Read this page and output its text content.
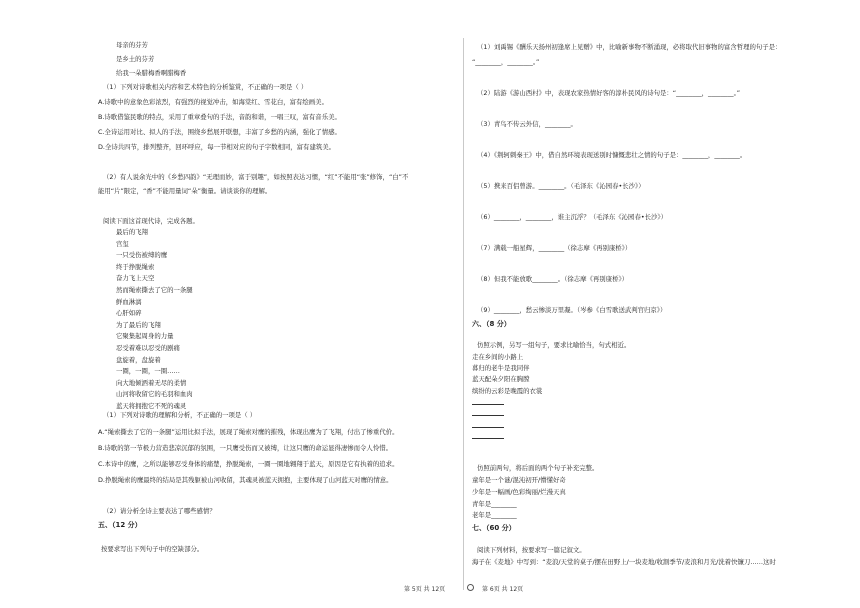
母亲的芬芳
是乡土的芬芳
给我一朵腊梅香啊腊梅香
（1）下列对诗歌相关内容和艺术特色的分析鉴赏，不正确的一项是（ ）
A.诗歌中的意象色彩浓烈，有强烈的视觉冲击，如海棠红、雪花白，富有绘画美。
B.诗歌借鉴民歌的特点，采用了重章叠句的手法，音韵和谐，一唱三叹，富有音乐美。
C.全诗运用对比、拟人的手法，围绕乡愁展开联想，丰富了乡愁的内涵，强化了情感。
D.全诗共四节，排列整齐，回环呼应，每一节相对应的句子字数相同，富有建筑美。
（2）有人说余光中的《乡愁四韵》“无理而妙，富于别趣”，如按照表达习惯，“红”不能用“张”修饰，“白”不
能用“片”限定，“香”不能用量词“朵”衡量。请谈谈你的理解。
阅读下面这首现代诗，完成各题。
最后的飞翔
宫玺
一只受伤被缚的鹰
终于挣脱绳索
奋力飞上天空
然而绳索撕去了它的一条腿
鲜血淋漓
心肝如碎
为了最后的飞翔
它聚集起周身的力量
忍受着难以忍受的剧痛
盘旋着，盘旋着
一圈，一圈，一圈……
向大地倾洒着无尽的柔情
山河将收留它的毛羽和血肉
蓝天将拥抱它不死的魂灵
（1）下列对诗歌的理解和分析，不正确的一项是（ ）
A.“绳索撕去了它的一条腿”运用比拟手法，展现了绳索对鹰的摧残，体现出鹰为了飞翔，付出了惨重代价。
B.诗歌的第一节极力营造悲凉沉郁的氛围，一只鹰受伤而又被缚，让这只鹰的命运显得凄惨而令人怜惜。
C.本诗中的鹰，之所以能够忍受身体的痛楚，挣脱绳索，一圈一圈地翱翔于蓝天，原因是它有执着的追求。
D.挣脱绳索的鹰最终的结局是其残躯被山河收留，其魂灵被蓝天拥抱，主要体现了山河蓝天对鹰的情意。
（2）请分析全诗主要表达了哪些感情？
五、（12 分）
按要求写出下列句子中的空缺部分。
（1）刘禹锡《酬乐天扬州初逢席上见赠》中，比喻新事物不断涌现，必将取代旧事物的富含哲理的句子是：
“________，________。”
（2）陆游《游山西村》中，表现农家热情好客的淳朴民风的诗句是：“________，________。”
（3）青鸟不传云外信，________。
（4）《荆轲刺秦王》中，借自然环境表现送别时慷慨悲壮之情的句子是：________，________。
（5）携来百侣曾游。________。（毛泽东《沁园春•长沙》）
（6）________，________，谁主沉浮？（毛泽东《沁园春•长沙》）
（7）满载一船星辉，________（徐志摩《再别康桥》）
（8）但我不能放歌________。（徐志摩《再别康桥》）
（9）________，愁云惨淡万里凝。（岑参《白雪歌送武判官归京》）
六、（8 分）
仿照示例，另写一组句子，要求比喻恰当，句式相近。
走在乡间的小路上
暮归的老牛是我同伴
蓝天配朵夕阳在胸膛
缤纷的云彩是晚霞的衣裳
仿照前两句，将后面的两个句子补充完整。
童年是一个谜/混沌初开/懵懂好奇
少年是一幅画/色彩绚丽/烂漫天真
青年是________
老年是________
七、（60 分）
阅读下列材料，按要求写一篇记叙文。
海子在《麦地》中写到：“麦浪/天堂的桌子/摆在田野上/一块麦地/收割季节/麦浪和月光/洗着快镰刀……这时
第 5页 共 12页	第 6页 共 12页
